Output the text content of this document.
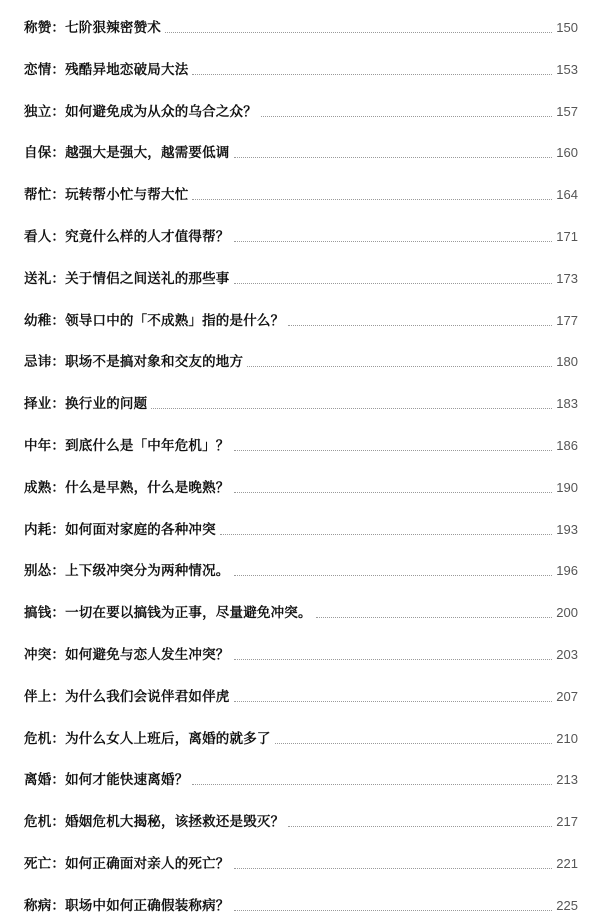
称赞：七阶狠辣密赞术	150
恋情：残酷异地恋破局大法	153
独立：如何避免成为从众的乌合之众？	157
自保：越强大是强大，越需要低调	160
帮忙：玩转帮小忙与帮大忙	164
看人：究竟什么样的人才值得帮？	171
送礼：关于情侣之间送礼的那些事	173
幼稚：领导口中的「不成熟」指的是什么？	177
忌讳：职场不是搞对象和交友的地方	180
择业：换行业的问题	183
中年：到底什么是「中年危机」？	186
成熟：什么是早熟，什么是晚熟？	190
内耗：如何面对家庭的各种冲突	193
别怂：上下级冲突分为两种情况。	196
搞钱：一切在要以搞钱为正事，尽量避免冲突。	200
冲突：如何避免与恋人发生冲突？	203
伴上：为什么我们会说伴君如伴虎	207
危机：为什么女人上班后，离婚的就多了	210
离婚：如何才能快速离婚？	213
危机：婚姻危机大揭秘，该拯救还是毁灭？	217
死亡：如何正确面对亲人的死亡？	221
称病：职场中如何正确假装称病？	225
